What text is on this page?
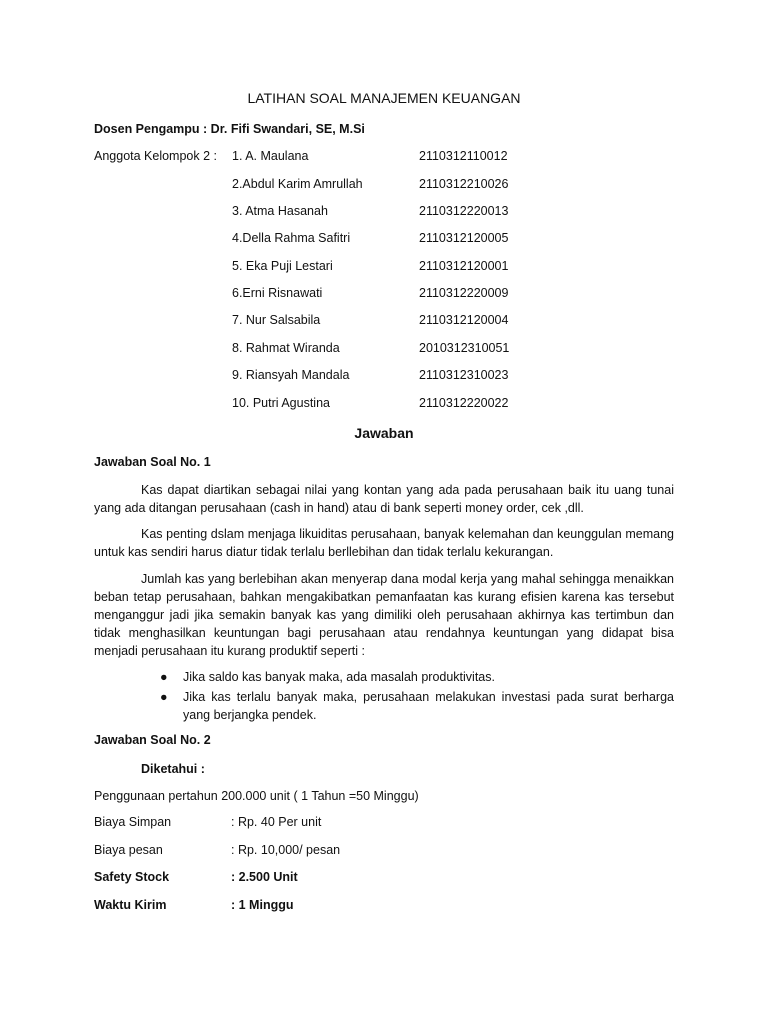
LATIHAN SOAL MANAJEMEN KEUANGAN
Dosen Pengampu : Dr. Fifi Swandari, SE, M.Si
Anggota Kelompok 2 : 1. A. Maulana	2110312110012
2.Abdul Karim Amrullah	2110312210026
3. Atma Hasanah	2110312220013
4.Della Rahma Safitri	2110312120005
5. Eka Puji Lestari	2110312120001
6.Erni Risnawati	2110312220009
7. Nur Salsabila	2110312120004
8. Rahmat Wiranda	2010312310051
9. Riansyah Mandala	2110312310023
10. Putri Agustina	2110312220022
Jawaban
Jawaban Soal No. 1
Kas dapat diartikan sebagai nilai yang kontan yang ada pada perusahaan baik itu uang tunai yang ada ditangan perusahaan (cash in hand) atau di bank seperti money order, cek ,dll.
Kas penting dslam menjaga likuiditas perusahaan, banyak kelemahan dan keunggulan memang untuk kas sendiri harus diatur tidak terlalu berllebihan dan tidak terlalu kekurangan.
Jumlah kas yang berlebihan akan menyerap dana modal kerja yang mahal sehingga menaikkan beban tetap perusahaan, bahkan mengakibatkan pemanfaatan kas kurang efisien karena kas tersebut menganggur jadi jika semakin banyak kas yang dimiliki oleh perusahaan akhirnya kas tertimbun dan tidak menghasilkan keuntungan bagi perusahaan atau rendahnya keuntungan yang didapat bisa menjadi perusahaan itu kurang produktif seperti :
● Jika saldo kas banyak maka, ada masalah produktivitas.
● Jika kas terlalu banyak maka, perusahaan melakukan investasi pada surat berharga yang berjangka pendek.
Jawaban Soal No. 2
Diketahui :
Penggunaan pertahun 200.000 unit ( 1 Tahun =50 Minggu)
Biaya Simpan	: Rp. 40 Per unit
Biaya pesan	: Rp. 10,000/ pesan
Safety Stock	: 2.500 Unit
Waktu Kirim	: 1 Minggu
